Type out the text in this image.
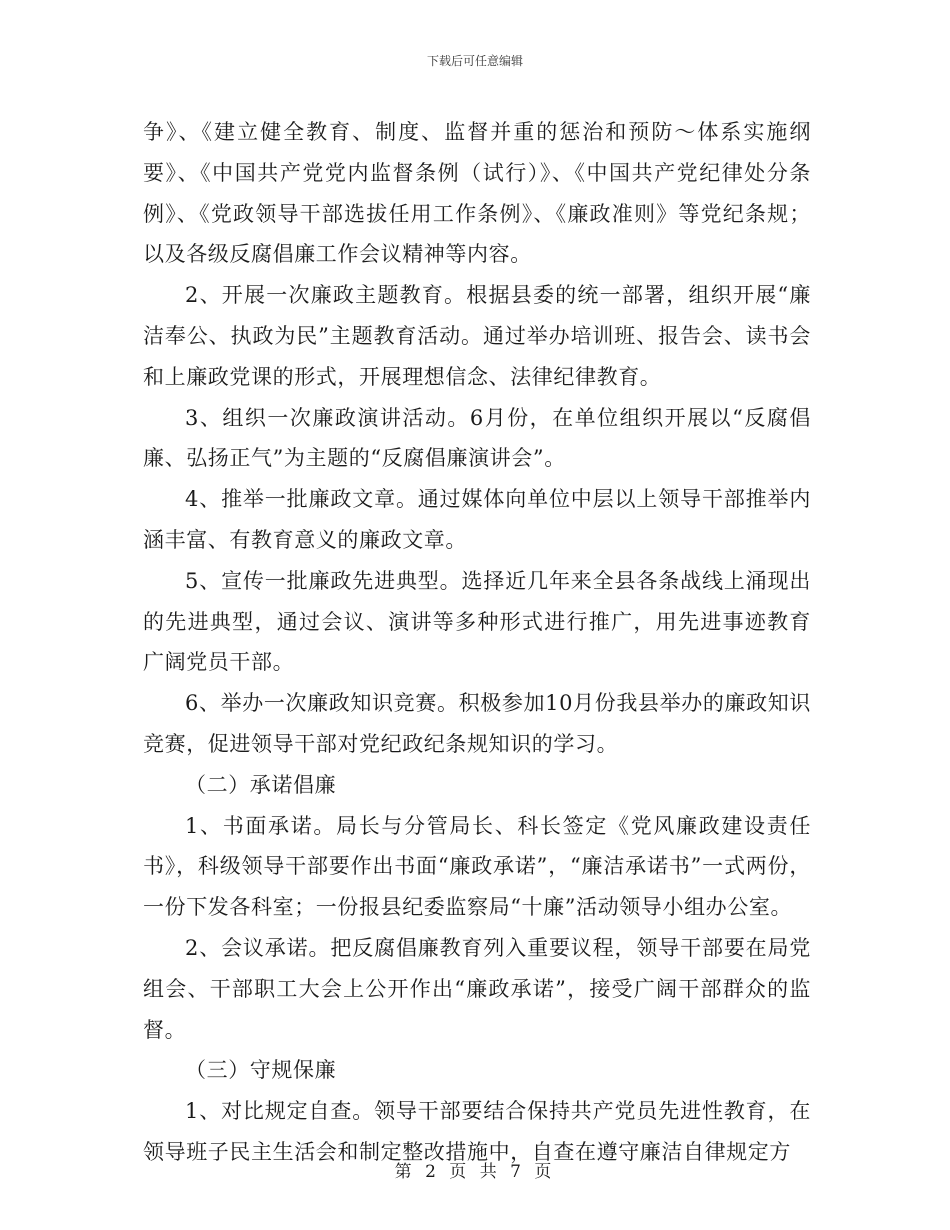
下载后可任意编辑

争》、《建立健全教育、制度、监督并重的惩治和预防～体系实施纲要》、《中国共产党党内监督条例（试行）》、《中国共产党纪律处分条例》、《党政领导干部选拔任用工作条例》、《廉政准则》等党纪条规；以及各级反腐倡廉工作会议精神等内容。

2、开展一次廉政主题教育。根据县委的统一部署，组织开展“廉洁奉公、执政为民”主题教育活动。通过举办培训班、报告会、读书会和上廉政党课的形式，开展理想信念、法律纪律教育。

3、组织一次廉政演讲活动。6月份，在单位组织开展以“反腐倡廉、弘扬正气”为主题的“反腐倡廉演讲会”。

4、推举一批廉政文章。通过媒体向单位中层以上领导干部推举内涵丰富、有教育意义的廉政文章。

5、宣传一批廉政先进典型。选择近几年来全县各条战线上涌现出的先进典型，通过会议、演讲等多种形式进行推广，用先进事迹教育广阔党员干部。

6、举办一次廉政知识竞赛。积极参加10月份我县举办的廉政知识竞赛，促进领导干部对党纪政纪条规知识的学习。

（二）承诺倡廉

1、书面承诺。局长与分管局长、科长签定《党风廉政建设责任书》，科级领导干部要作出书面“廉政承诺”，“廉洁承诺书”一式两份，一份下发各科室；一份报县纪委监察局“十廉”活动领导小组办公室。

2、会议承诺。把反腐倡廉教育列入重要议程，领导干部要在局党组会、干部职工大会上公开作出“廉政承诺”，接受广阔干部群众的监督。

（三）守规保廉

1、对比规定自查。领导干部要结合保持共产党员先进性教育，在领导班子民主生活会和制定整改措施中，自查在遵守廉洁自律规定方

第 2 页 共 7 页
